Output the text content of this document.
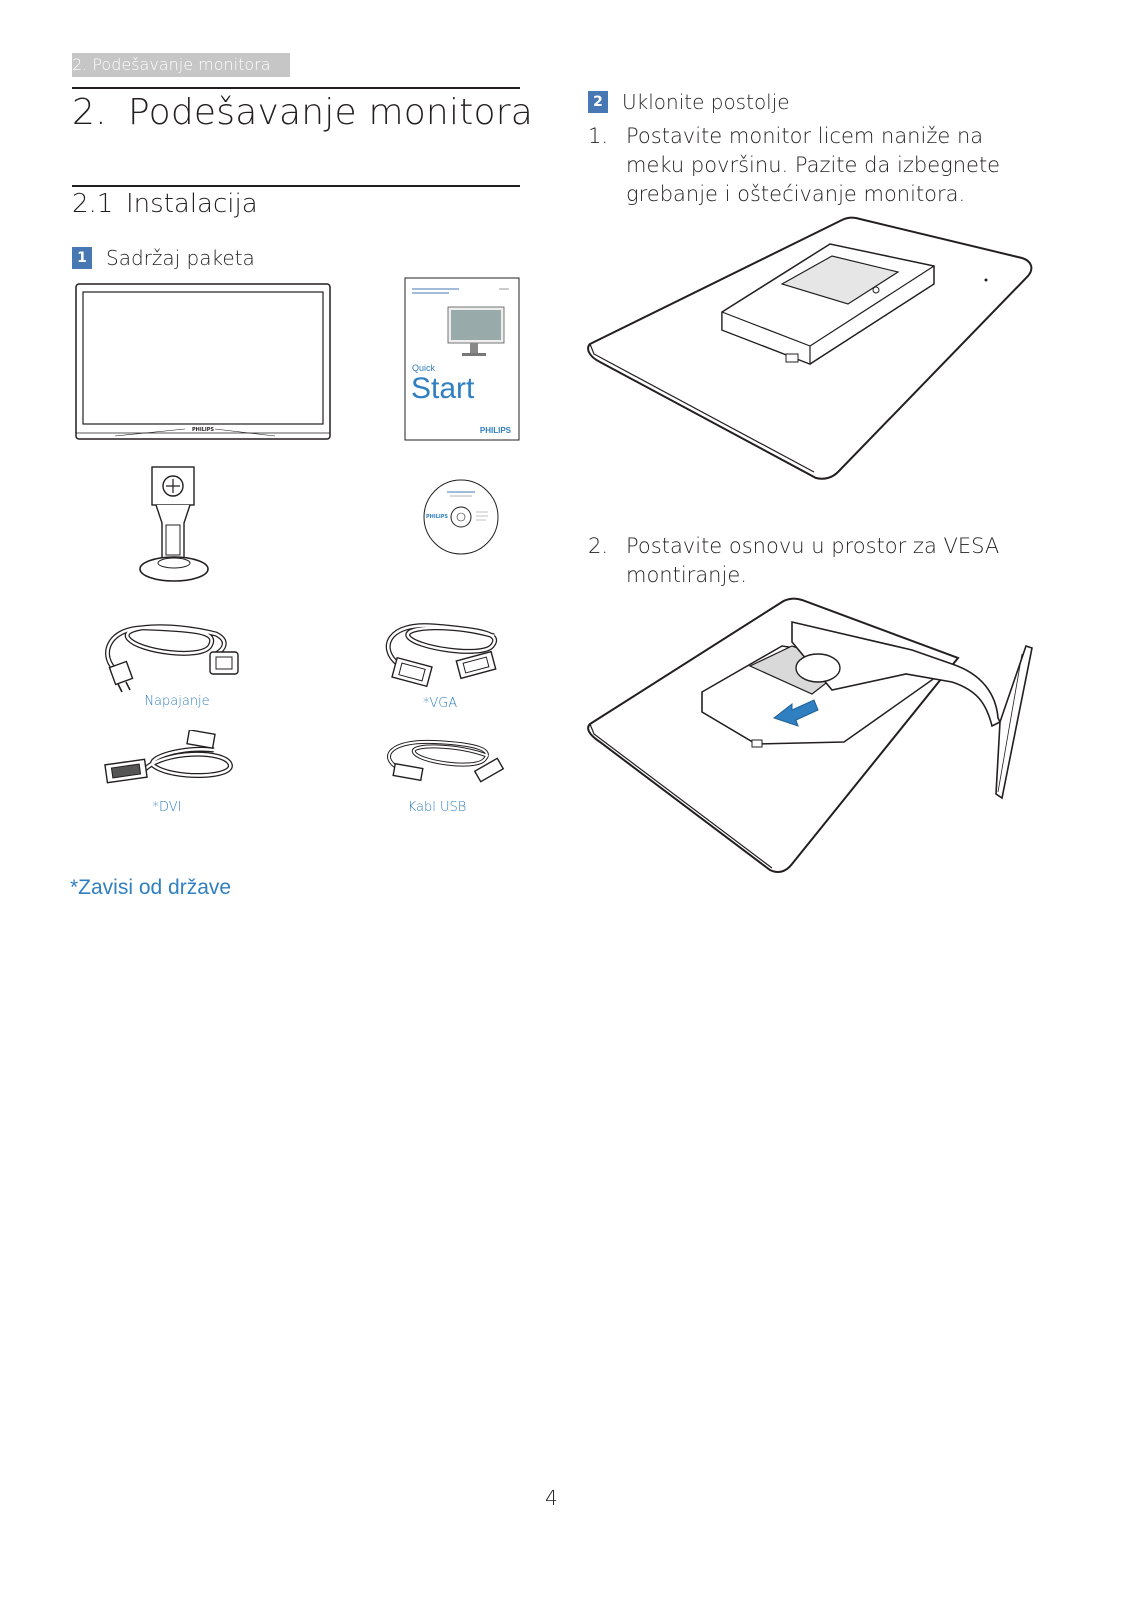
2. Podešavanje monitora
2. Podešavanje monitora
2.1 Instalacija
1 Sadržaj paketa
PHILIPS
Quick
Start
PHILIPS
PHILIPS
Napajanje	*VGA
*DVI	Kabl USB
*Zavisi od države
2 Uklonite postolje
1. Postavite monitor licem naniže na meku površinu. Pazite da izbegnete grebanje i oštećivanje monitora.
2. Postavite osnovu u prostor za VESA montiranje.
4
